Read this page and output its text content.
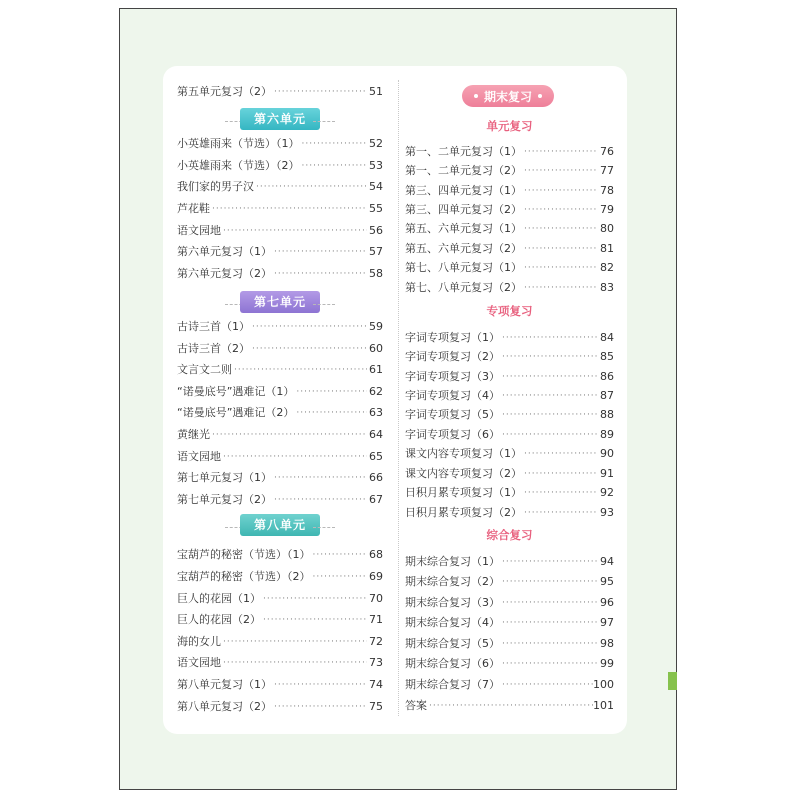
第五单元复习（2） ·····	51
第六单元
小英雄雨来（节选）（1） ·····	52
小英雄雨来（节选）（2） ·····	53
我们家的男子汉 ·····	54
芦花鞋 ·····	55
语文园地 ·····	56
第六单元复习（1） ·····	57
第六单元复习（2） ·····	58
第七单元
古诗三首（1） ·····	59
古诗三首（2） ·····	60
文言文二则 ·····	61
“诺曼底号”遇难记（1） ·····	62
“诺曼底号”遇难记（2） ·····	63
黄继光 ·····	64
语文园地 ·····	65
第七单元复习（1） ·····	66
第七单元复习（2） ·····	67
第八单元
宝葫芦的秘密（节选）（1） ·····	68
宝葫芦的秘密（节选）（2） ·····	69
巨人的花园（1） ·····	70
巨人的花园（2） ·····	71
海的女儿 ·····	72
语文园地 ·····	73
第八单元复习（1） ·····	74
第八单元复习（2） ·····	75
期末复习
单元复习
第一、二单元复习（1） ·····	76
第一、二单元复习（2） ·····	77
第三、四单元复习（1） ·····	78
第三、四单元复习（2） ·····	79
第五、六单元复习（1） ·····	80
第五、六单元复习（2） ·····	81
第七、八单元复习（1） ·····	82
第七、八单元复习（2） ·····	83
字词专项复习（1） ·····	84
字词专项复习（2） ·····	85
字词专项复习（3） ·····	86
字词专项复习（4） ·····	87
字词专项复习（5） ·····	88
字词专项复习（6） ·····	89
课文内容专项复习（1） ·····	90
课文内容专项复习（2） ·····	91
日积月累专项复习（1） ·····	92
日积月累专项复习（2） ·····	93
期末综合复习（1） ·····	94
期末综合复习（2） ·····	95
期末综合复习（3） ·····	96
期末综合复习（4） ·····	97
期末综合复习（5） ·····	98
期末综合复习（6） ·····	99
期末综合复习（7） ·····	100
答案 ·····	101
专项复习
综合复习
